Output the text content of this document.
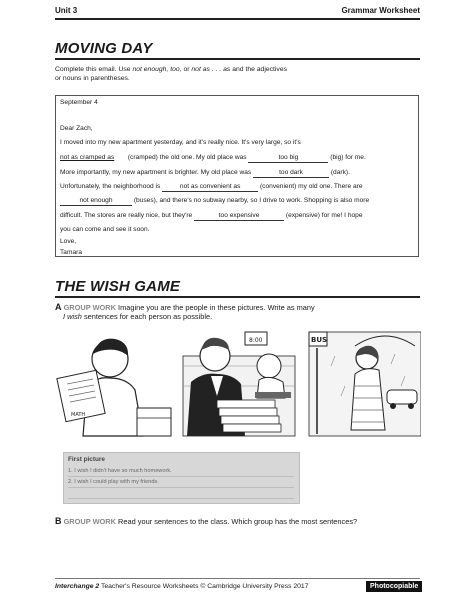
Unit 3	Grammar Worksheet
MOVING DAY
Complete this email. Use not enough, too, or not as . . . as and the adjectives
or nouns in parentheses.
September 4
Dear Zach,
I moved into my new apartment yesterday, and it's really nice. It's very large, so it's
not as cramped as (cramped) the old one. My old place was	too big	(big) for me.
More importantly, my new apartment is brighter. My old place was	too dark	(dark).
Unfortunately, the neighborhood is	not as convenient as	(convenient) my old one. There are
not enough	(buses), and there's no subway nearby, so I drive to work. Shopping is also more
difficult. The stores are really nice, but they're	too expensive	(expensive) for me! I hope
you can come and see it soon.
Love,
Tamara
THE WISH GAME
A GROUP WORK Imagine you are the people in these pictures. Write as many
I wish sentences for each person as possible.
MATH
8:00	BUS
First picture
1. I wish I didn't have so much homework.
2. I wish I could play with my friends.
B GROUP WORK Read your sentences to the class. Which group has the most sentences?
Interchange 2 Teacher's Resource Worksheets © Cambridge University Press 2017	Photocopiable
